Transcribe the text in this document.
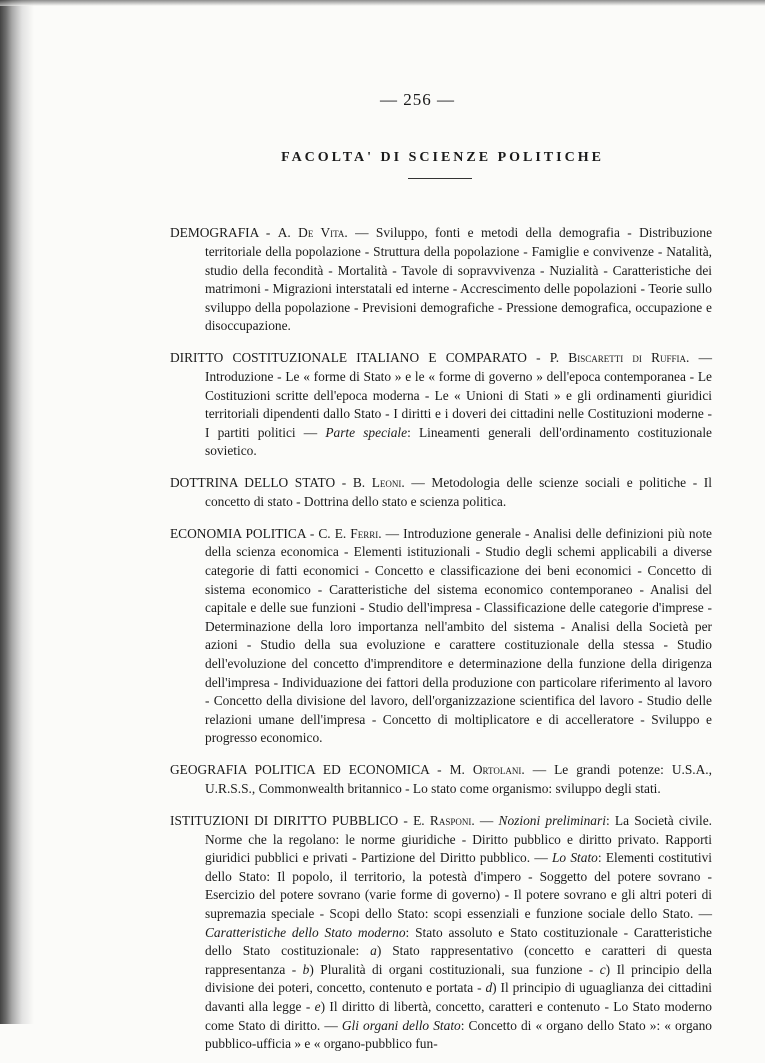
— 256 —
FACOLTA' DI SCIENZE POLITICHE

DEMOGRAFIA - A. De Vita. — Sviluppo, fonti e metodi della demografia - Distribuzione territoriale della popolazione - Struttura della popolazione - Famiglie e convivenze - Natalità, studio della fecondità - Mortalità - Tavole di sopravvivenza - Nuzialità - Caratteristiche dei matrimoni - Migrazioni interstatali ed interne - Accrescimento delle popolazioni - Teorie sullo sviluppo della popolazione - Previsioni demografiche - Pressione demografica, occupazione e disoccupazione.

DIRITTO COSTITUZIONALE ITALIANO E COMPARATO - P. Biscaretti di Ruffia. — Introduzione - Le « forme di Stato » e le « forme di governo » dell'epoca contemporanea - Le Costituzioni scritte dell'epoca moderna - Le « Unioni di Stati » e gli ordinamenti giuridici territoriali dipendenti dallo Stato - I diritti e i doveri dei cittadini nelle Costituzioni moderne - I partiti politici — Parte speciale: Lineamenti generali dell'ordinamento costituzionale sovietico.

DOTTRINA DELLO STATO - B. Leoni. — Metodologia delle scienze sociali e politiche - Il concetto di stato - Dottrina dello stato e scienza politica.

ECONOMIA POLITICA - C. E. Ferri. — Introduzione generale - Analisi delle definizioni più note della scienza economica - Elementi istituzionali - Studio degli schemi applicabili a diverse categorie di fatti economici - Concetto e classificazione dei beni economici - Concetto di sistema economico - Caratteristiche del sistema economico contemporaneo - Analisi del capitale e delle sue funzioni - Studio dell'impresa - Classificazione delle categorie d'imprese - Determinazione della loro importanza nell'ambito del sistema - Analisi della Società per azioni - Studio della sua evoluzione e carattere costituzionale della stessa - Studio dell'evoluzione del concetto d'imprenditore e determinazione della funzione della dirigenza dell'impresa - Individuazione dei fattori della produzione con particolare riferimento al lavoro - Concetto della divisione del lavoro, dell'organizzazione scientifica del lavoro - Studio delle relazioni umane dell'impresa - Concetto di moltiplicatore e di accelleratore - Sviluppo e progresso economico.

GEOGRAFIA POLITICA ED ECONOMICA - M. Ortolani. — Le grandi potenze: U.S.A., U.R.S.S., Commonwealth britannico - Lo stato come organismo: sviluppo degli stati.

ISTITUZIONI DI DIRITTO PUBBLICO - E. Rasponi. — Nozioni preliminari: La Società civile. Norme che la regolano: le norme giuridiche - Diritto pubblico e diritto privato. Rapporti giuridici pubblici e privati - Partizione del Diritto pubblico. — Lo Stato: Elementi costitutivi dello Stato: Il popolo, il territorio, la potestà d'impero - Soggetto del potere sovrano - Esercizio del potere sovrano (varie forme di governo) - Il potere sovrano e gli altri poteri di supremazia speciale - Scopi dello Stato: scopi essenziali e funzione sociale dello Stato. — Caratteristiche dello Stato moderno: Stato assoluto e Stato costituzionale - Caratteristiche dello Stato costituzionale: a) Stato rappresentativo (concetto e caratteri di questa rappresentanza - b) Pluralità di organi costituzionali, sua funzione - c) Il principio della divisione dei poteri, concetto, contenuto e portata - d) Il principio di uguaglianza dei cittadini davanti alla legge - e) Il diritto di libertà, concetto, caratteri e contenuto - Lo Stato moderno come Stato di diritto. — Gli organi dello Stato: Concetto di « organo dello Stato »: « organo pubblico-ufficia » e « organo-pubblico fun-
